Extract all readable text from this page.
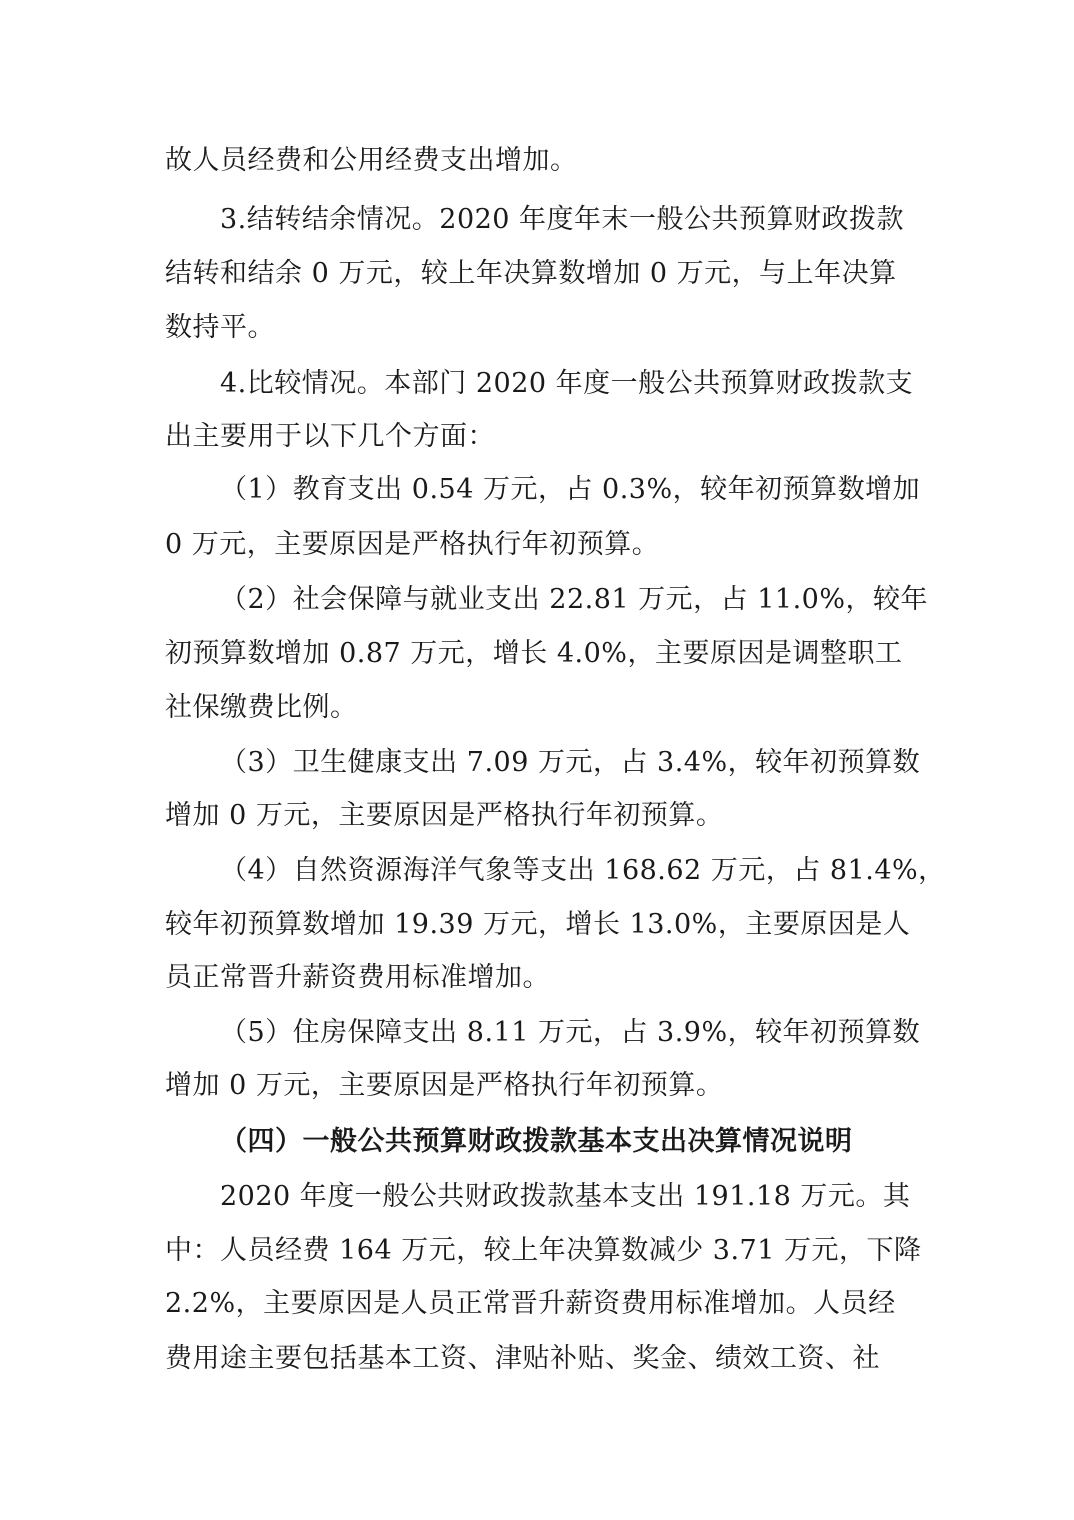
故人员经费和公用经费支出增加。
3.结转结余情况。2020 年度年末一般公共预算财政拨款
结转和结余 0 万元，较上年决算数增加 0 万元，与上年决算
数持平。
4.比较情况。本部门 2020 年度一般公共预算财政拨款支
出主要用于以下几个方面：
（1）教育支出 0.54 万元，占 0.3%，较年初预算数增加
0 万元，主要原因是严格执行年初预算。
（2）社会保障与就业支出 22.81 万元，占 11.0%，较年
初预算数增加 0.87 万元，增长 4.0%，主要原因是调整职工
社保缴费比例。
（3）卫生健康支出 7.09 万元，占 3.4%，较年初预算数
增加 0 万元，主要原因是严格执行年初预算。
（4）自然资源海洋气象等支出 168.62 万元，占 81.4%，
较年初预算数增加 19.39 万元，增长 13.0%，主要原因是人
员正常晋升薪资费用标准增加。
（5）住房保障支出 8.11 万元，占 3.9%，较年初预算数
增加 0 万元，主要原因是严格执行年初预算。
（四）一般公共预算财政拨款基本支出决算情况说明
2020 年度一般公共财政拨款基本支出 191.18 万元。其
中：人员经费 164 万元，较上年决算数减少 3.71 万元，下降
2.2%，主要原因是人员正常晋升薪资费用标准增加。人员经
费用途主要包括基本工资、津贴补贴、奖金、绩效工资、社
